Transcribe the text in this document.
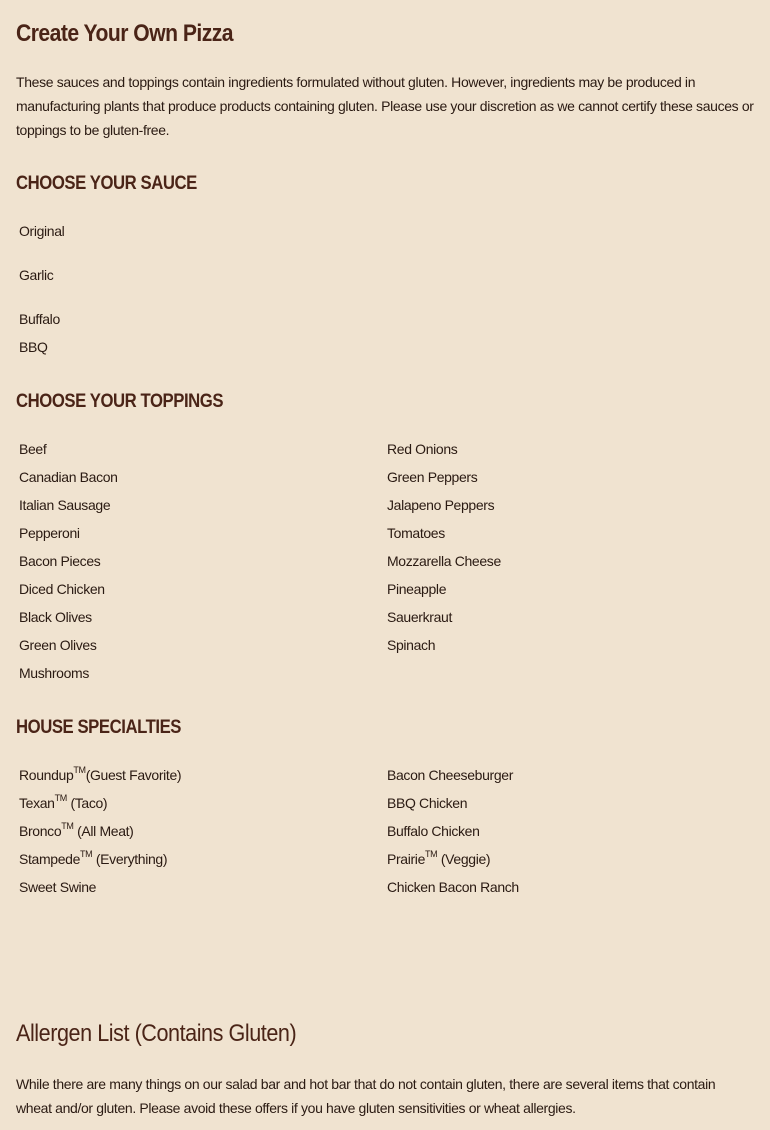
Create Your Own Pizza

These sauces and toppings contain ingredients formulated without gluten. However, ingredients may be produced in manufacturing plants that produce products containing gluten. Please use your discretion as we cannot certify these sauces or toppings to be gluten-free.

CHOOSE YOUR SAUCE
Original
Garlic
Buffalo
BBQ
CHOOSE YOUR TOPPINGS
Beef
Canadian Bacon
Italian Sausage
Pepperoni
Bacon Pieces
Diced Chicken
Black Olives
Green Olives
Mushrooms
Red Onions
Green Peppers
Jalapeno Peppers
Tomatoes
Mozzarella Cheese
Pineapple
Sauerkraut
Spinach
HOUSE SPECIALTIES
Roundup™(Guest Favorite)
Texan™ (Taco)
Bronco™ (All Meat)
Stampede™ (Everything)
Sweet Swine
Bacon Cheeseburger
BBQ Chicken
Buffalo Chicken
Prairie™ (Veggie)
Chicken Bacon Ranch
Allergen List (Contains Gluten)

While there are many things on our salad bar and hot bar that do not contain gluten, there are several items that contain wheat and/or gluten. Please avoid these offers if you have gluten sensitivities or wheat allergies.
